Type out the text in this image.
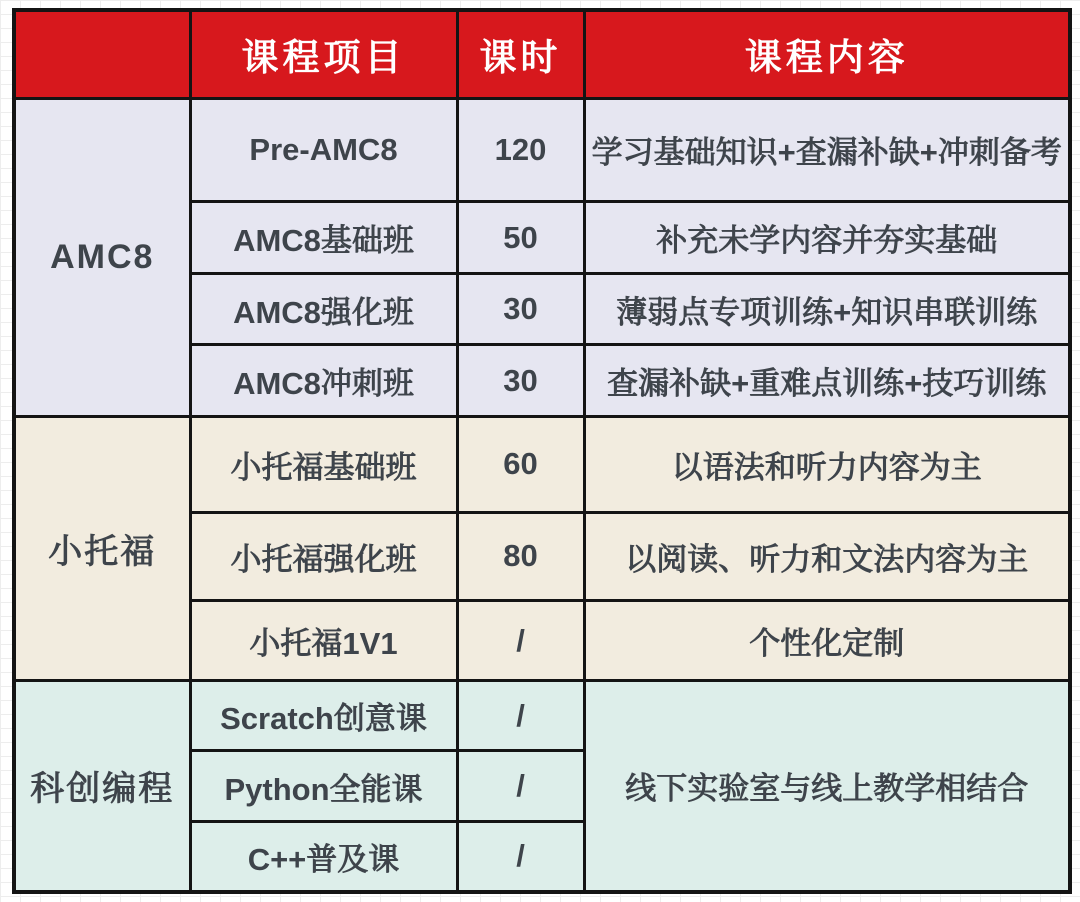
	课程项目	课时	课程内容
AMC8	Pre-AMC8	120	学习基础知识+查漏补缺+冲刺备考
	AMC8基础班	50	补充未学内容并夯实基础
	AMC8强化班	30	薄弱点专项训练+知识串联训练
	AMC8冲刺班	30	查漏补缺+重难点训练+技巧训练
小托福	小托福基础班	60	以语法和听力内容为主
	小托福强化班	80	以阅读、听力和文法内容为主
	小托福1V1	/	个性化定制
科创编程	Scratch创意课	/	线下实验室与线上教学相结合
	Python全能课	/	
	C++普及课	/	
